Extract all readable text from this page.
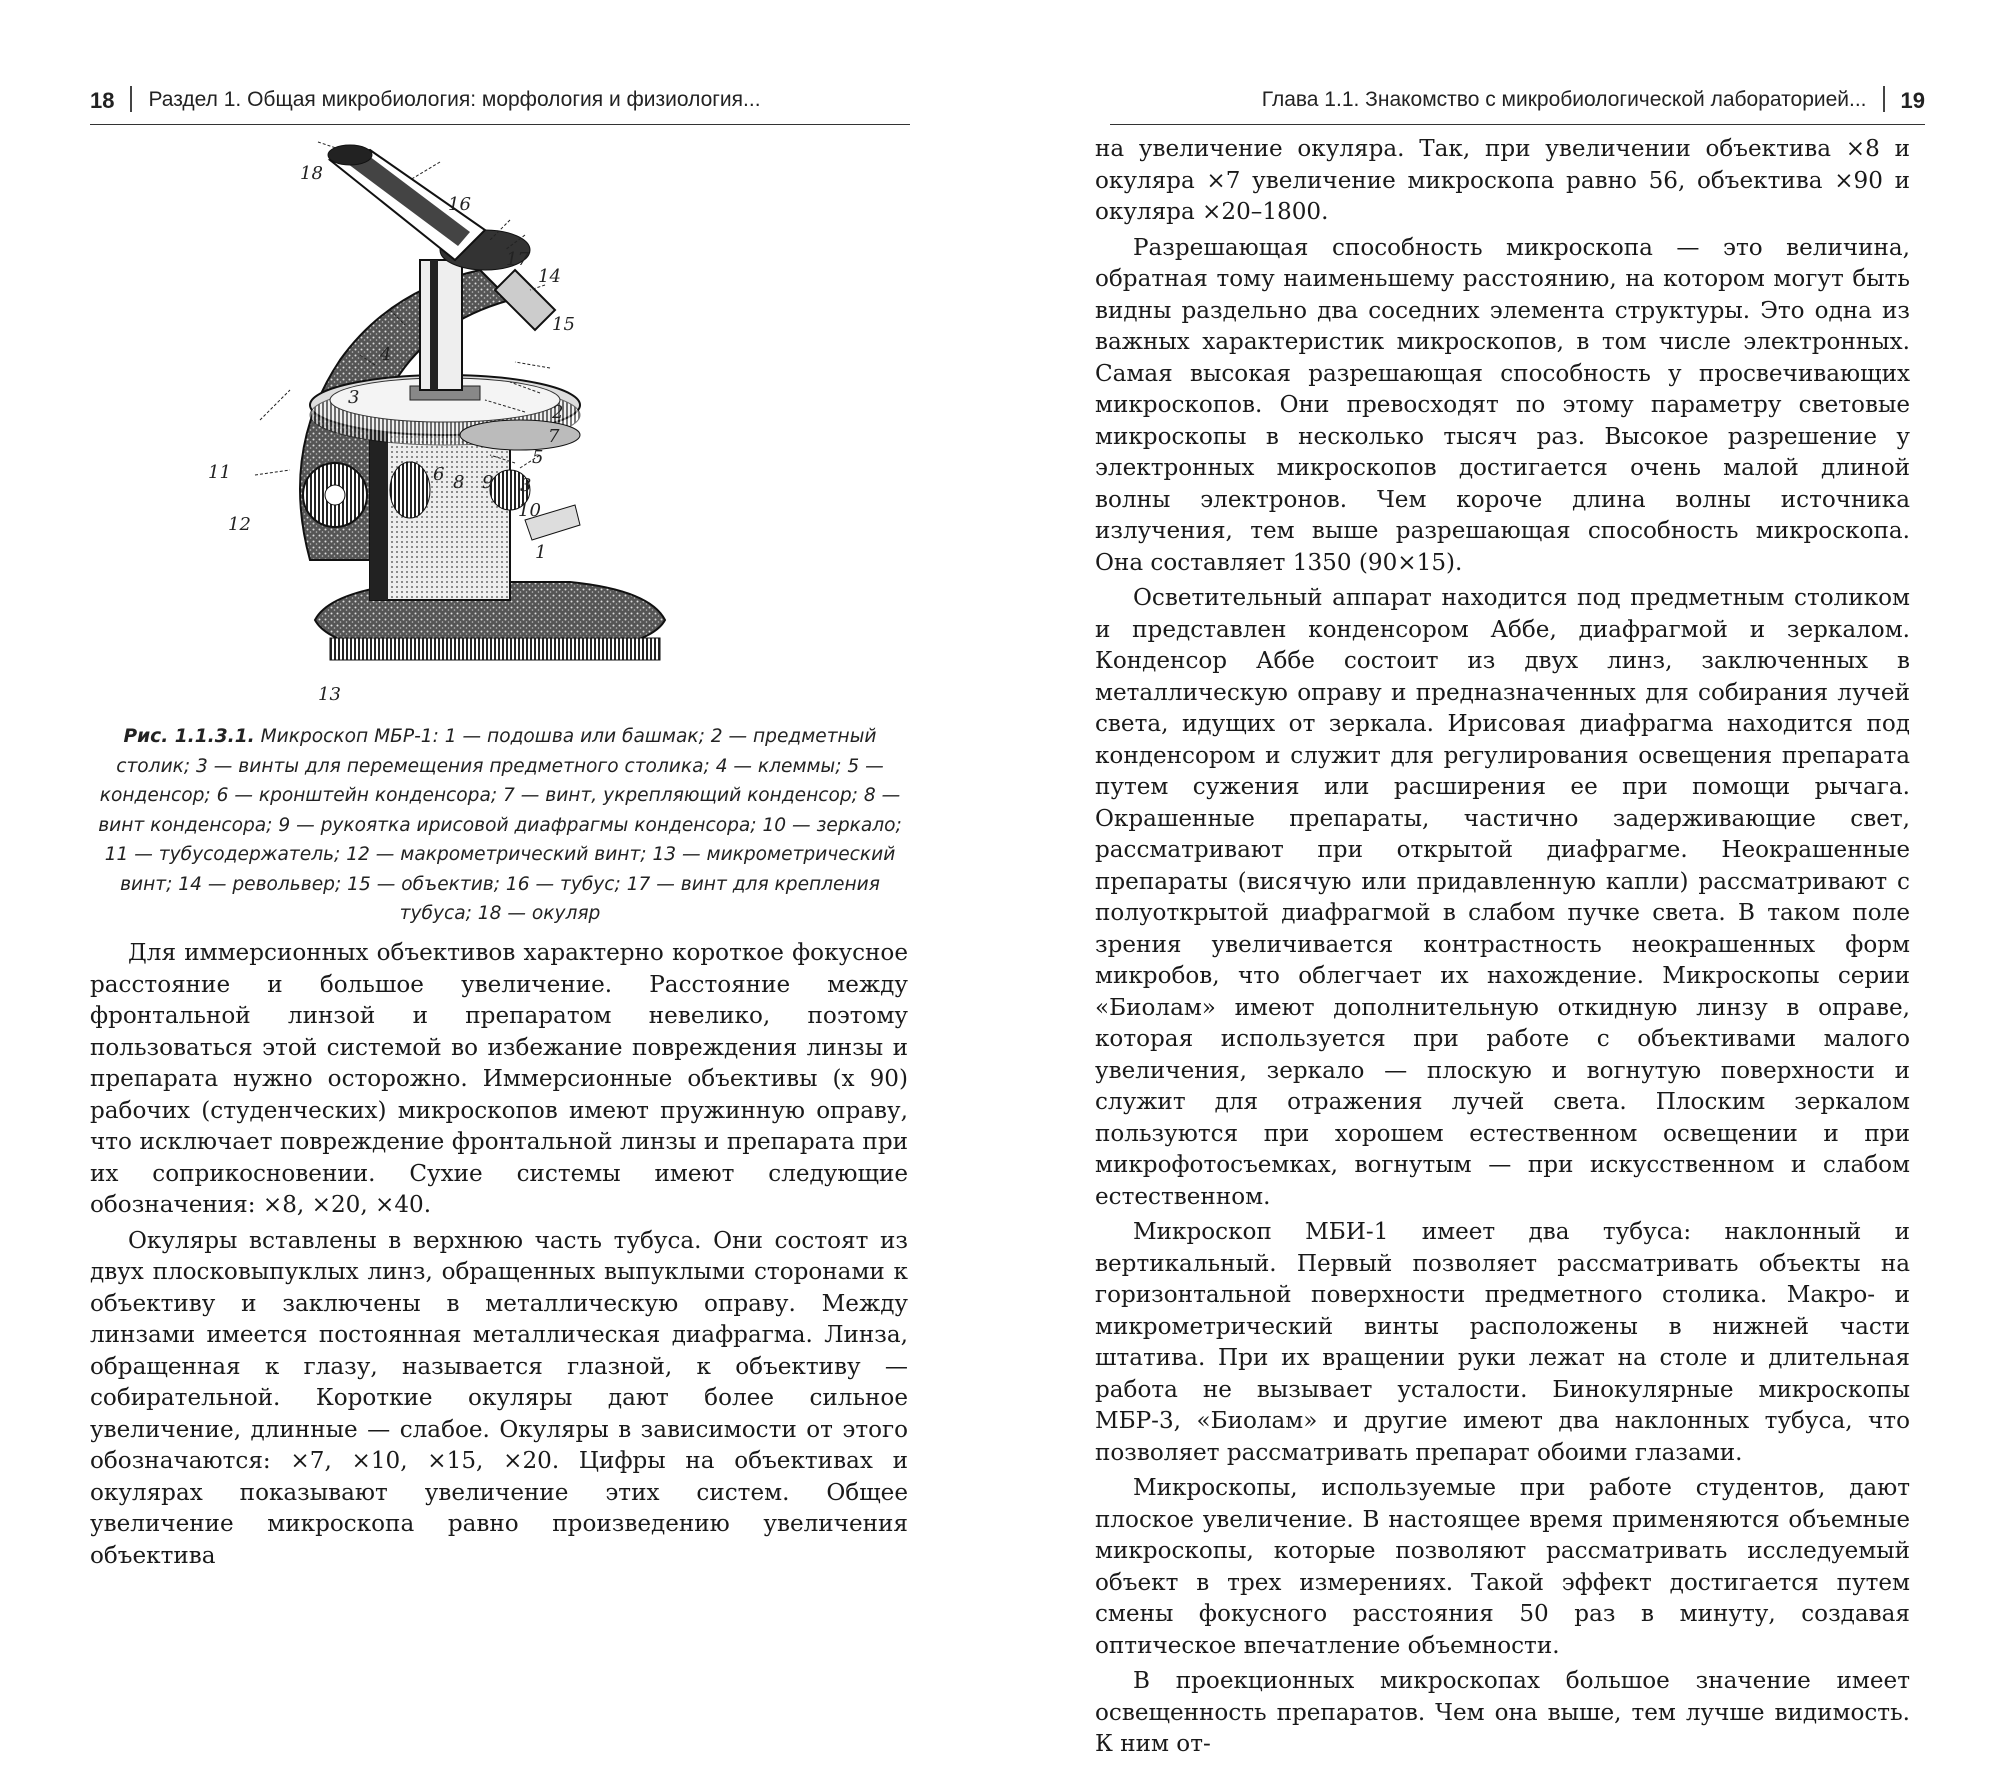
18 Раздел 1. Общая микробиология: морфология и физиология...
18
16
17
14
15
4
3
2
7
5
11	6 8 9 3
10
12
1
13
Рис. 1.1.3.1. Микроскоп МБР-1: 1 — подошва или башмак; 2 — предметный столик; 3 — винты для перемещения предметного столика; 4 — клеммы; 5 — конденсор; 6 — кронштейн конденсора; 7 — винт, укрепляющий конденсор; 8 — винт конденсора; 9 — рукоятка ирисовой диафрагмы конденсора; 10 — зеркало; 11 — тубусодержатель; 12 — макрометрический винт; 13 — микрометрический винт; 14 — револьвер; 15 — объектив; 16 — тубус; 17 — винт для крепления тубуса; 18 — окуляр

Для иммерсионных объективов характерно короткое фокусное расстояние и большое увеличение. Расстояние между фронтальной линзой и препаратом невелико, поэтому пользоваться этой системой во избежание повреждения линзы и препарата нужно осторожно. Иммерсионные объективы (х 90) рабочих (студенческих) микроскопов имеют пружинную оправу, что исключает повреждение фронтальной линзы и препарата при их соприкосновении. Сухие системы имеют следующие обозначения: ×8, ×20, ×40.

Окуляры вставлены в верхнюю часть тубуса. Они состоят из двух плосковыпуклых линз, обращенных выпуклыми сторонами к объективу и заключены в металлическую оправу. Между линзами имеется постоянная металлическая диафрагма. Линза, обращенная к глазу, называется глазной, к объективу — собирательной. Короткие окуляры дают более сильное увеличение, длинные — слабое. Окуляры в зависимости от этого обозначаются: ×7, ×10, ×15, ×20. Цифры на объективах и окулярах показывают увеличение этих систем. Общее увеличение микроскопа равно произведению увеличения объектива

Глава 1.1. Знакомство с микробиологической лабораторией... 19

на увеличение окуляра. Так, при увеличении объектива ×8 и окуляра ×7 увеличение микроскопа равно 56, объектива ×90 и окуляра ×20–1800.

Разрешающая способность микроскопа — это величина, обратная тому наименьшему расстоянию, на котором могут быть видны раздельно два соседних элемента структуры. Это одна из важных характеристик микроскопов, в том числе электронных. Самая высокая разрешающая способность у просвечивающих микроскопов. Они превосходят по этому параметру световые микроскопы в несколько тысяч раз. Высокое разрешение у электронных микроскопов достигается очень малой длиной волны электронов. Чем короче длина волны источника излучения, тем выше разрешающая способность микроскопа. Она составляет 1350 (90×15).

Осветительный аппарат находится под предметным столиком и представлен конденсором Аббе, диафрагмой и зеркалом. Конденсор Аббе состоит из двух линз, заключенных в металлическую оправу и предназначенных для собирания лучей света, идущих от зеркала. Ирисовая диафрагма находится под конденсором и служит для регулирования освещения препарата путем сужения или расширения ее при помощи рычага. Окрашенные препараты, частично задерживающие свет, рассматривают при открытой диафрагме. Неокрашенные препараты (висячую или придавленную капли) рассматривают с полуоткрытой диафрагмой в слабом пучке света. В таком поле зрения увеличивается контрастность неокрашенных форм микробов, что облегчает их нахождение. Микроскопы серии «Биолам» имеют дополнительную откидную линзу в оправе, которая используется при работе с объективами малого увеличения, зеркало — плоскую и вогнутую поверхности и служит для отражения лучей света. Плоским зеркалом пользуются при хорошем естественном освещении и при микрофотосъемках, вогнутым — при искусственном и слабом естественном.

Микроскоп МБИ-1 имеет два тубуса: наклонный и вертикальный. Первый позволяет рассматривать объекты на горизонтальной поверхности предметного столика. Макро- и микрометрический винты расположены в нижней части штатива. При их вращении руки лежат на столе и длительная работа не вызывает усталости. Бинокулярные микроскопы МБР-3, «Биолам» и другие имеют два наклонных тубуса, что позволяет рассматривать препарат обоими глазами.

Микроскопы, используемые при работе студентов, дают плоское увеличение. В настоящее время применяются объемные микроскопы, которые позволяют рассматривать исследуемый объект в трех измерениях. Такой эффект достигается путем смены фокусного расстояния 50 раз в минуту, создавая оптическое впечатление объемности.

В проекционных микроскопах большое значение имеет освещенность препаратов. Чем она выше, тем лучше видимость. К ним от-
